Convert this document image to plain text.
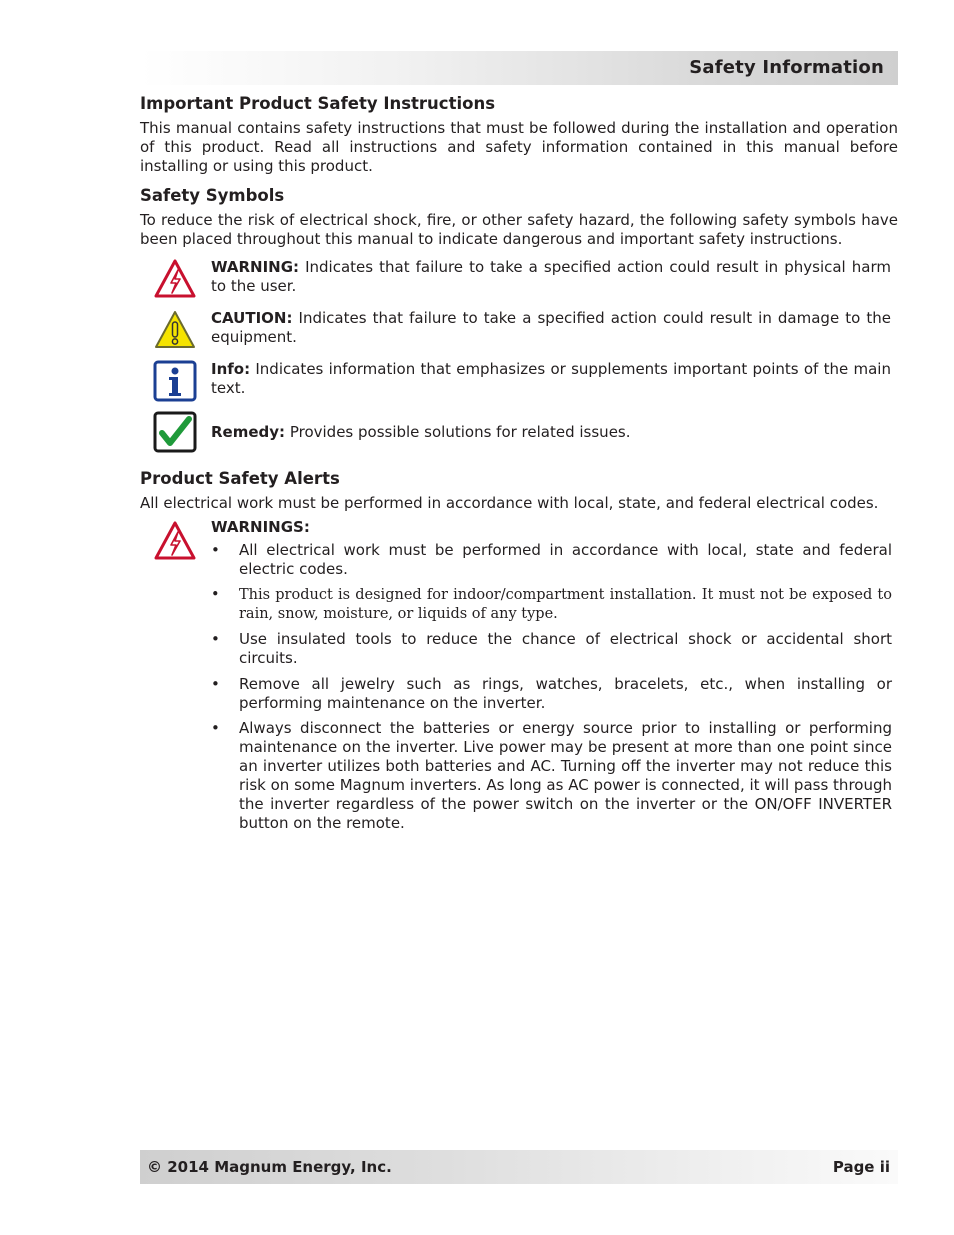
Safety Information
Important Product Safety Instructions

This manual contains safety instructions that must be followed during the installation and operation of this product. Read all instructions and safety information contained in this manual before installing or using this product.

Safety Symbols

To reduce the risk of electrical shock, fire, or other safety hazard, the following safety symbols have been placed throughout this manual to indicate dangerous and important safety instructions.

WARNING: Indicates that failure to take a specified action could result in physical harm to the user.
CAUTION: Indicates that failure to take a specified action could result in damage to the equipment.
Info: Indicates information that emphasizes or supplements important points of the main text.
Remedy: Provides possible solutions for related issues.
Product Safety Alerts

All electrical work must be performed in accordance with local, state, and federal electrical codes.

WARNINGS:
• All electrical work must be performed in accordance with local, state and federal electric codes.
• This product is designed for indoor/compartment installation. It must not be exposed to rain, snow, moisture, or liquids of any type.
• Use insulated tools to reduce the chance of electrical shock or accidental short circuits.
• Remove all jewelry such as rings, watches, bracelets, etc., when installing or performing maintenance on the inverter.
• Always disconnect the batteries or energy source prior to installing or performing maintenance on the inverter. Live power may be present at more than one point since an inverter utilizes both batteries and AC. Turning off the inverter may not reduce this risk on some Magnum inverters. As long as AC power is connected, it will pass through the inverter regardless of the power switch on the inverter or the ON/OFF INVERTER button on the remote.
© 2014 Magnum Energy, Inc.	Page ii
